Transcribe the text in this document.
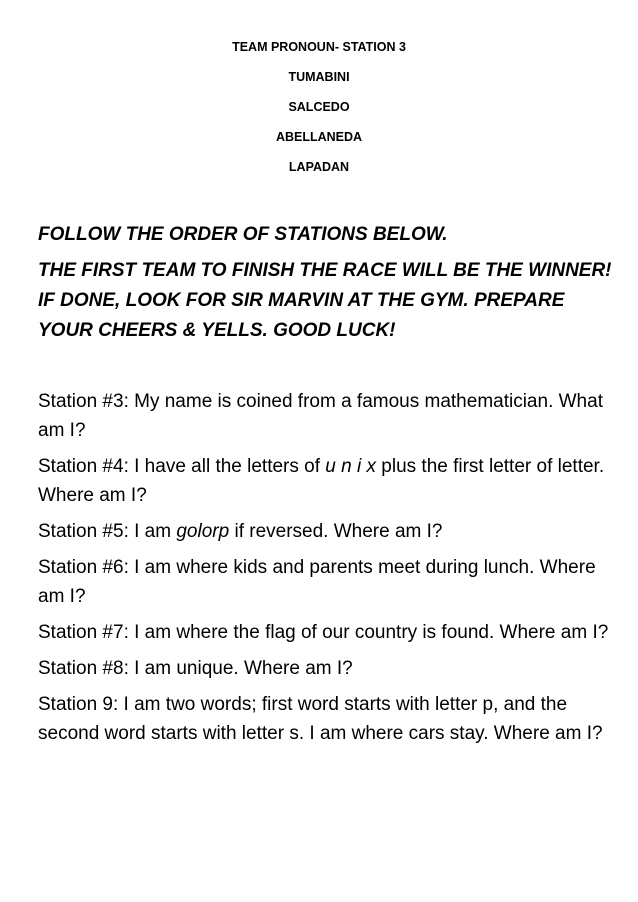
TEAM PRONOUN- STATION 3

TUMABINI

SALCEDO

ABELLANEDA

LAPADAN

FOLLOW THE ORDER OF STATIONS BELOW.

THE FIRST TEAM TO FINISH THE RACE WILL BE THE WINNER! IF DONE, LOOK FOR SIR MARVIN AT THE GYM. PREPARE YOUR CHEERS & YELLS. GOOD LUCK!

Station #3: My name is coined from a famous mathematician. What am I?

Station #4: I have all the letters of u n i x plus the first letter of letter. Where am I?

Station #5: I am golorp if reversed. Where am I?

Station #6: I am where kids and parents meet during lunch. Where am I?

Station #7: I am where the flag of our country is found. Where am I?

Station #8: I am unique. Where am I?

Station 9: I am two words; first word starts with letter p, and the second word starts with letter s. I am where cars stay. Where am I?
